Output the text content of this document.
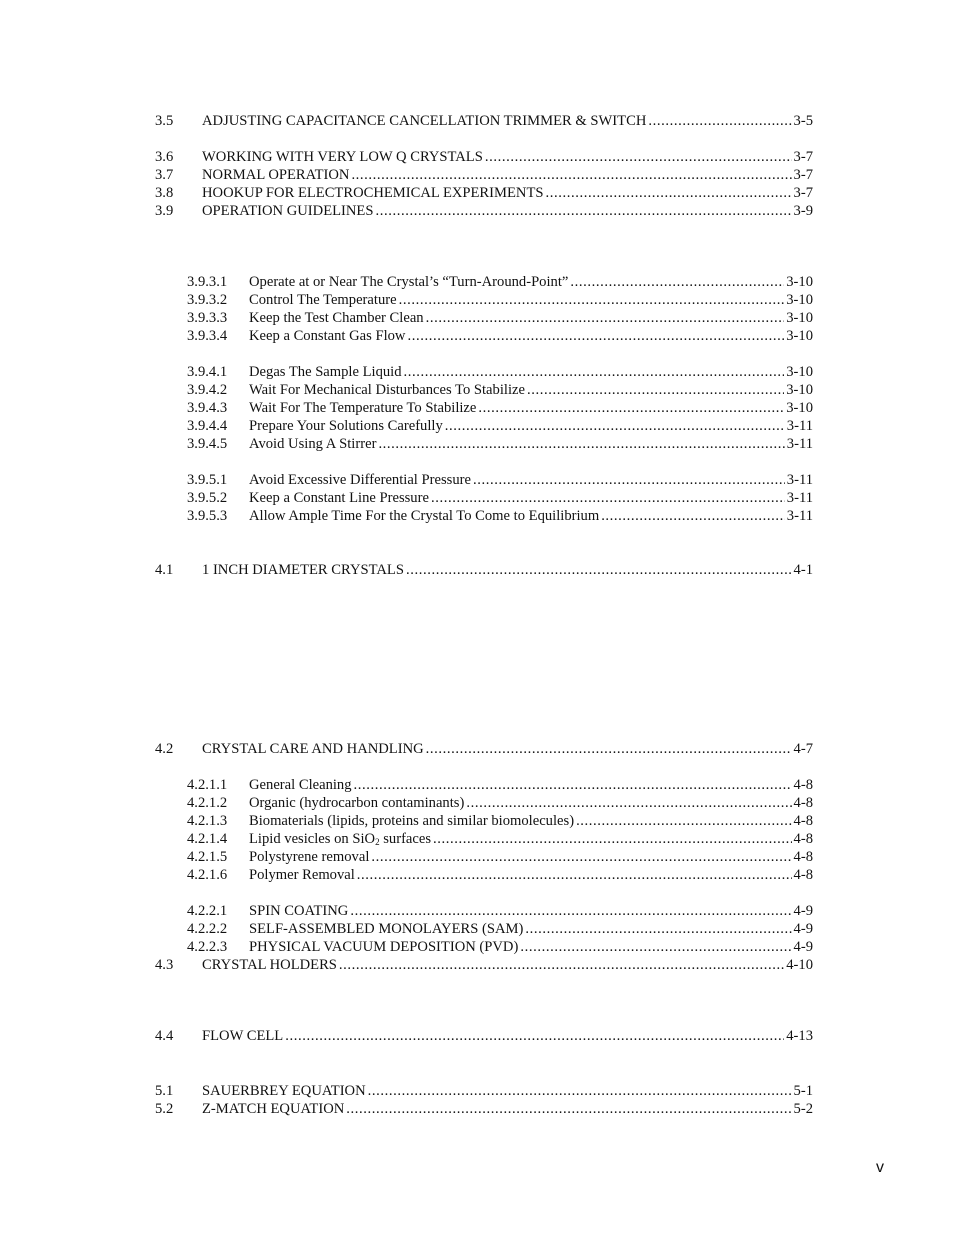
3.5	ADJUSTING CAPACITANCE CANCELLATION TRIMMER & SWITCH .....	3-5
3.6	WORKING WITH VERY LOW Q CRYSTALS .....	3-7
3.7	NORMAL OPERATION .....	3-7
3.8	HOOKUP FOR ELECTROCHEMICAL EXPERIMENTS .....	3-7
3.9	OPERATION GUIDELINES .....	3-9
3.9.3.1	Operate at or Near The Crystal’s “Turn-Around-Point” .....	3-10
3.9.3.2	Control The Temperature .....	3-10
3.9.3.3	Keep the Test Chamber Clean .....	3-10
3.9.3.4	Keep a Constant Gas Flow .....	3-10
3.9.4.1	Degas The Sample Liquid .....	3-10
3.9.4.2	Wait For Mechanical Disturbances To Stabilize .....	3-10
3.9.4.3	Wait For The Temperature To Stabilize .....	3-10
3.9.4.4	Prepare Your Solutions Carefully .....	3-11
3.9.4.5	Avoid Using A Stirrer .....	3-11
3.9.5.1	Avoid Excessive Differential Pressure .....	3-11
3.9.5.2	Keep a Constant Line Pressure .....	3-11
3.9.5.3	Allow Ample Time For the Crystal To Come to Equilibrium .....	3-11
4.1	1 INCH DIAMETER CRYSTALS .....	4-1
4.2	CRYSTAL CARE AND HANDLING .....	4-7
4.2.1.1	General Cleaning .....	4-8
4.2.1.2	Organic (hydrocarbon contaminants) .....	4-8
4.2.1.3	Biomaterials (lipids, proteins and similar biomolecules) .....	4-8
4.2.1.4	Lipid vesicles on SiO$_2$ surfaces .....	4-8
4.2.1.5	Polystyrene removal .....	4-8
4.2.1.6	Polymer Removal .....	4-8
4.2.2.1	SPIN COATING .....	4-9
4.2.2.2	SELF-ASSEMBLED MONOLAYERS (SAM) .....	4-9
4.2.2.3	PHYSICAL VACUUM DEPOSITION (PVD) .....	4-9
4.3	CRYSTAL HOLDERS .....	4-10
4.4	FLOW CELL .....	4-13
5.1	SAUERBREY EQUATION .....	5-1
5.2	Z-MATCH EQUATION .....	5-2
v
